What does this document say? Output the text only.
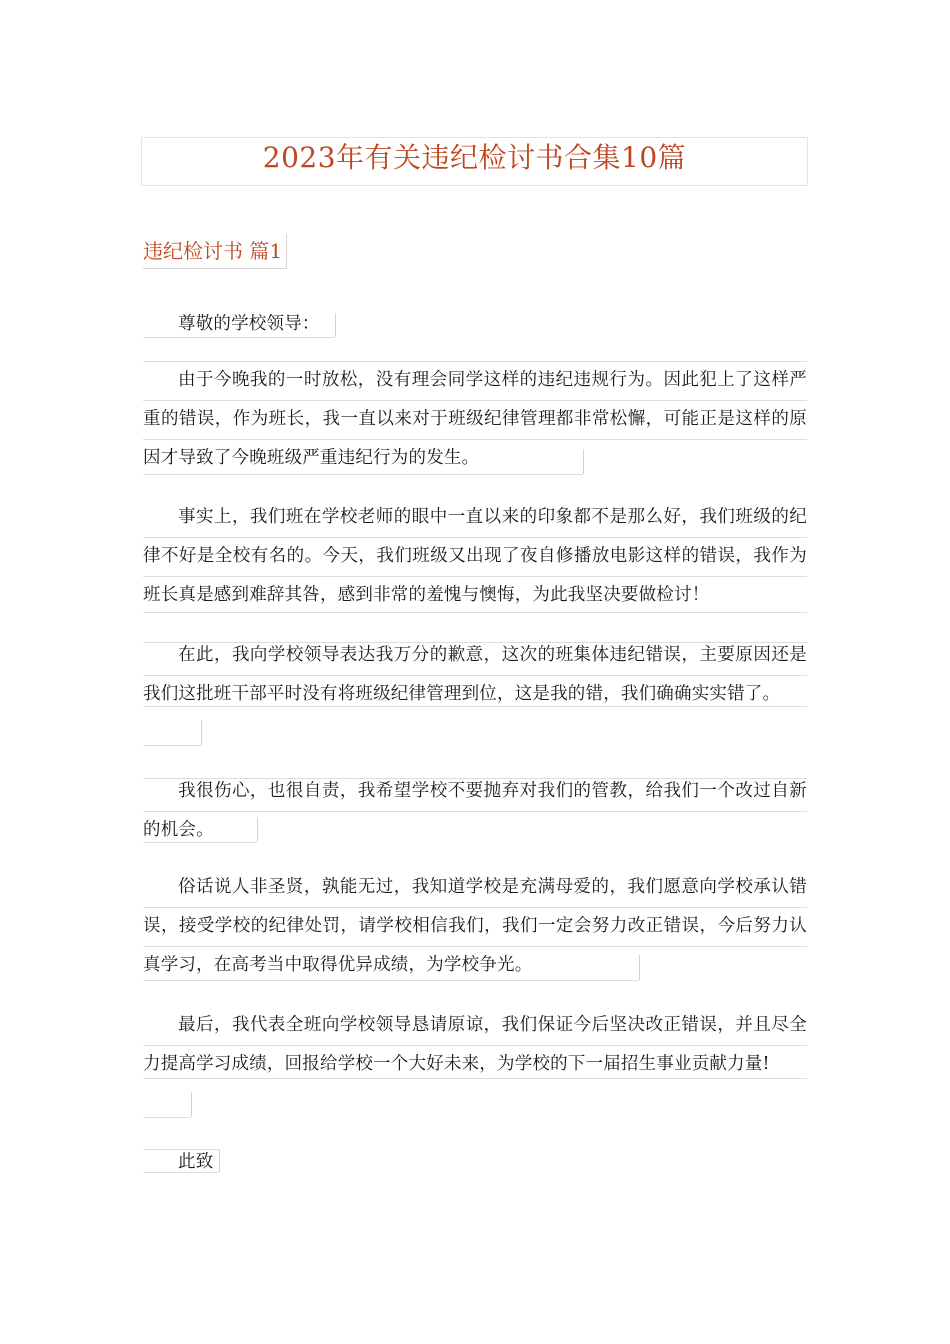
2023年有关违纪检讨书合集10篇
违纪检讨书 篇1
尊敬的学校领导：
由于今晚我的一时放松，没有理会同学这样的违纪违规行为。因此犯上了这样严重的错误，作为班长，我一直以来对于班级纪律管理都非常松懈，可能正是这样的原因才导致了今晚班级严重违纪行为的发生。
事实上，我们班在学校老师的眼中一直以来的印象都不是那么好，我们班级的纪律不好是全校有名的。今天，我们班级又出现了夜自修播放电影这样的错误，我作为班长真是感到难辞其咎，感到非常的羞愧与懊悔，为此我坚决要做检讨！
在此，我向学校领导表达我万分的歉意，这次的班集体违纪错误，主要原因还是我们这批班干部平时没有将班级纪律管理到位，这是我的错，我们确确实实错了。
我很伤心，也很自责，我希望学校不要抛弃对我们的管教，给我们一个改过自新的机会。
俗话说人非圣贤，孰能无过，我知道学校是充满母爱的，我们愿意向学校承认错误，接受学校的纪律处罚，请学校相信我们，我们一定会努力改正错误，今后努力认真学习，在高考当中取得优异成绩，为学校争光。
最后，我代表全班向学校领导恳请原谅，我们保证今后坚决改正错误，并且尽全力提高学习成绩，回报给学校一个大好未来，为学校的下一届招生事业贡献力量!
此致
